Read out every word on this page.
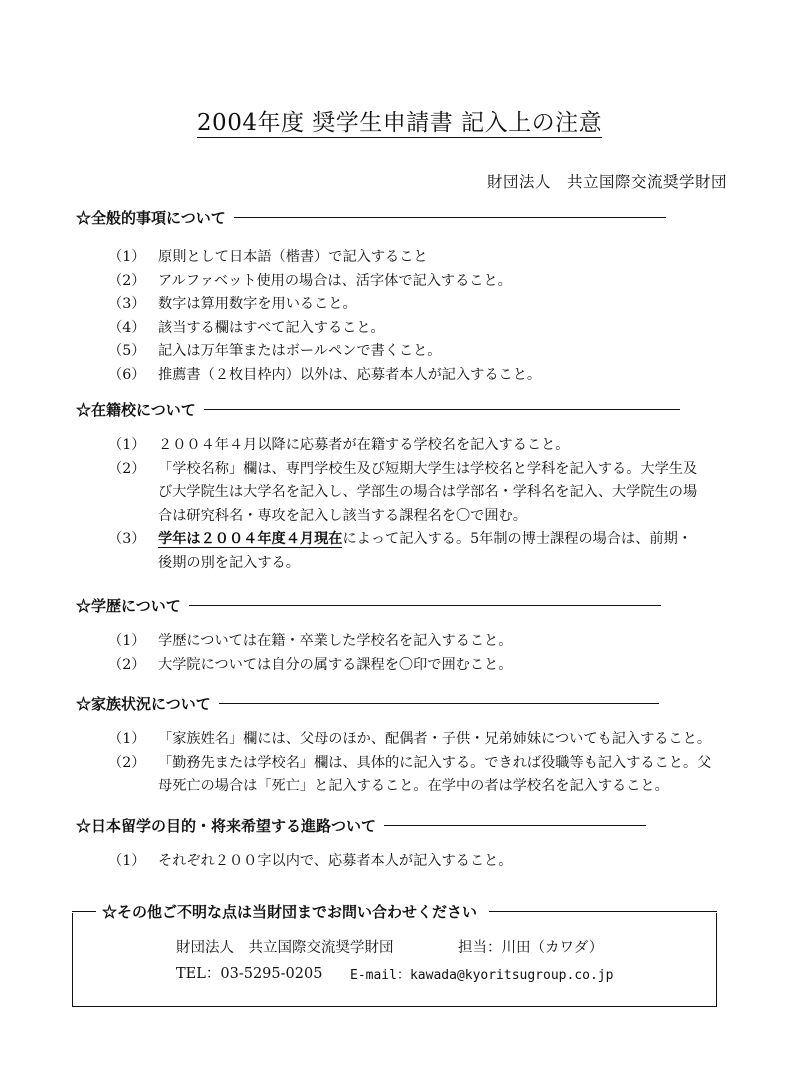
2004年度 奨学生申請書 記入上の注意
財団法人　共立国際交流奨学財団
☆全般的事項について
（1） 原則として日本語（楷書）で記入すること
（2） アルファベット使用の場合は、活字体で記入すること。
（3） 数字は算用数字を用いること。
（4） 該当する欄はすべて記入すること。
（5） 記入は万年筆またはボールペンで書くこと。
（6） 推薦書（２枚目枠内）以外は、応募者本人が記入すること。
☆在籍校について
（1） ２００４年４月以降に応募者が在籍する学校名を記入すること。
（2） 「学校名称」欄は、専門学校生及び短期大学生は学校名と学科を記入する。大学生及び大学院生は大学名を記入し、学部生の場合は学部名・学科名を記入、大学院生の場合は研究科名・専攻を記入し該当する課程名を〇で囲む。
（3） 学年は２００４年度４月現在によって記入する。5年制の博士課程の場合は、前期・後期の別を記入する。
☆学歴について
（1） 学歴については在籍・卒業した学校名を記入すること。
（2） 大学院については自分の属する課程を〇印で囲むこと。
☆家族状況について
（1） 「家族姓名」欄には、父母のほか、配偶者・子供・兄弟姉妹についても記入すること。
（2） 「勤務先または学校名」欄は、具体的に記入する。できれば役職等も記入すること。父母死亡の場合は「死亡」と記入すること。在学中の者は学校名を記入すること。
☆日本留学の目的・将来希望する進路ついて
（1） それぞれ２００字以内で、応募者本人が記入すること。
☆その他ご不明な点は当財団までお問い合わせください
財団法人　共立国際交流奨学財団	担当：川田（カワダ）
TEL：03-5295-0205 E-mail：kawada@kyoritsugroup.co.jp
